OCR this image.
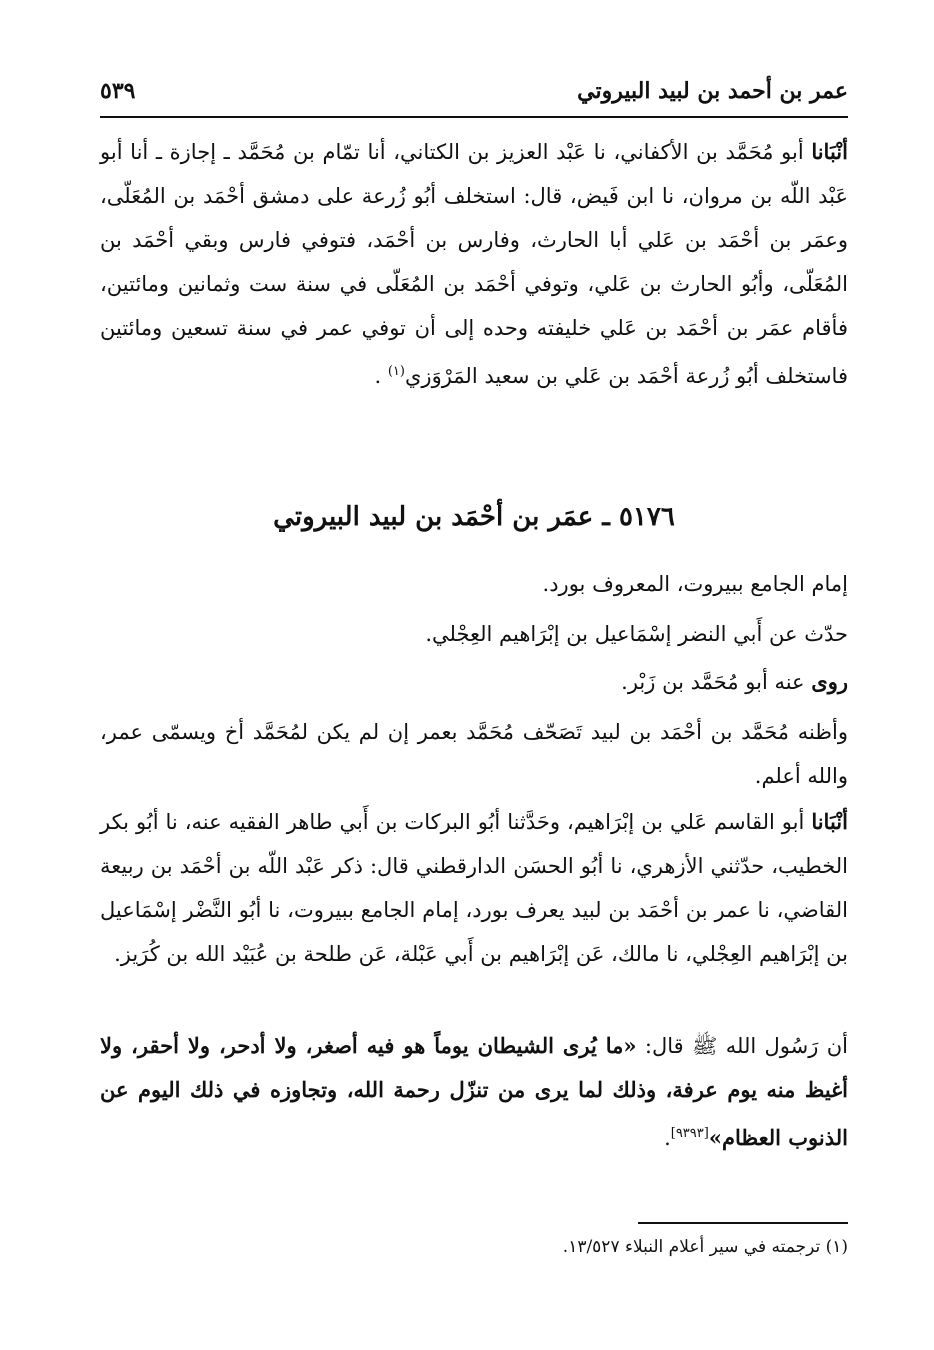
عمر بن أحمد بن لبيد البيروتي
٥٣٩

أنْبَانا أبو مُحَمَّد بن الأكفاني، نا عَبْد العزيز بن الكتاني، أنا تمّام بن مُحَمَّد ـ إجازة ـ أنا أبو عَبْد اللّه بن مروان، نا ابن فَيض، قال: استخلف أبُو زُرعة على دمشق أحْمَد بن المُعَلّى، وعمَر بن أحْمَد بن عَلي أبا الحارث، وفارس بن أحْمَد، فتوفي فارس وبقي أحْمَد بن المُعَلّى، وأبُو الحارث بن عَلي، وتوفي أحْمَد بن المُعَلّى في سنة ست وثمانين ومائتين، فأقام عمَر بن أحْمَد بن عَلي خليفته وحده إلى أن توفي عمر في سنة تسعين ومائتين فاستخلف أبُو زُرعة أحْمَد بن عَلي بن سعيد المَرْوَزي$^{(١)}$ .

٥١٧٦ ـ عمَر بن أحْمَد بن لبيد البيروتي

إمام الجامع ببيروت، المعروف بورد.

حدّث عن أَبي النضر إسْمَاعيل بن إبْرَاهيم العِجْلي.

روى عنه أبو مُحَمَّد بن زَبْر.

وأظنه مُحَمَّد بن أحْمَد بن لبيد تَصَحّف مُحَمَّد بعمر إن لم يكن لمُحَمَّد أخ ويسمّى عمر، والله أعلم.

أنْبَانا أبو القاسم عَلي بن إبْرَاهيم، وحَدَّثنا أبُو البركات بن أَبي طاهر الفقيه عنه، نا أبُو بكر الخطيب، حدّثني الأزهري، نا أبُو الحسَن الدارقطني قال: ذكر عَبْد اللّه بن أحْمَد بن ربيعة القاضي، نا عمر بن أحْمَد بن لبيد يعرف بورد، إمام الجامع ببيروت، نا أبُو النَّضْر إسْمَاعيل بن إبْرَاهيم العِجْلي، نا مالك، عَن إبْرَاهيم بن أَبي عَبْلة، عَن طلحة بن عُبَيْد الله بن كُرَيز.

أن رَسُول الله ﷺ قال: «ما يُرى الشيطان يوماً هو فيه أصغر، ولا أدحر، ولا أحقر، ولا أغيظ منه يوم عرفة، وذلك لما يرى من تنزّل رحمة الله، وتجاوزه في ذلك اليوم عن الذنوب العظام»[٩٣٩٣].

(١) ترجمته في سير أعلام النبلاء ١٣/٥٢٧.
